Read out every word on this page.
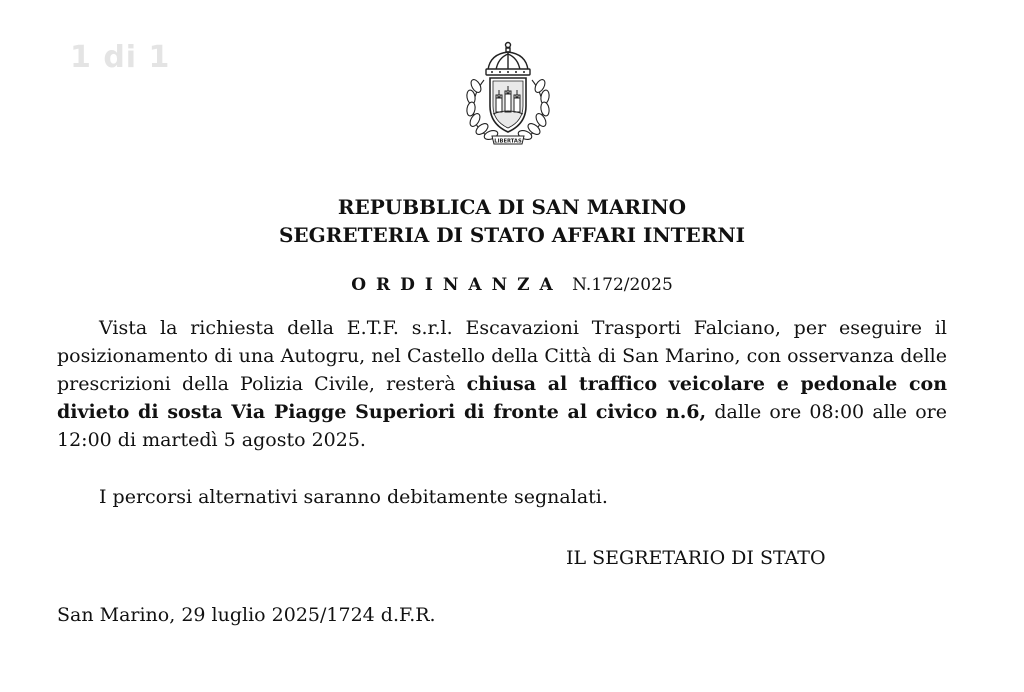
1 di 1
LIBERTAS
REPUBBLICA DI SAN MARINO
SEGRETERIA DI STATO AFFARI INTERNI
ORDINANZA N.172/2025

Vista la richiesta della E.T.F. s.r.l. Escavazioni Trasporti Falciano, per eseguire il posizionamento di una Autogru, nel Castello della Città di San Marino, con osservanza delle prescrizioni della Polizia Civile, resterà chiusa al traffico veicolare e pedonale con divieto di sosta Via Piagge Superiori di fronte al civico n.6, dalle ore 08:00 alle ore 12:00 di martedì 5 agosto 2025.

I percorsi alternativi saranno debitamente segnalati.
IL SEGRETARIO DI STATO
San Marino, 29 luglio 2025/1724 d.F.R.
